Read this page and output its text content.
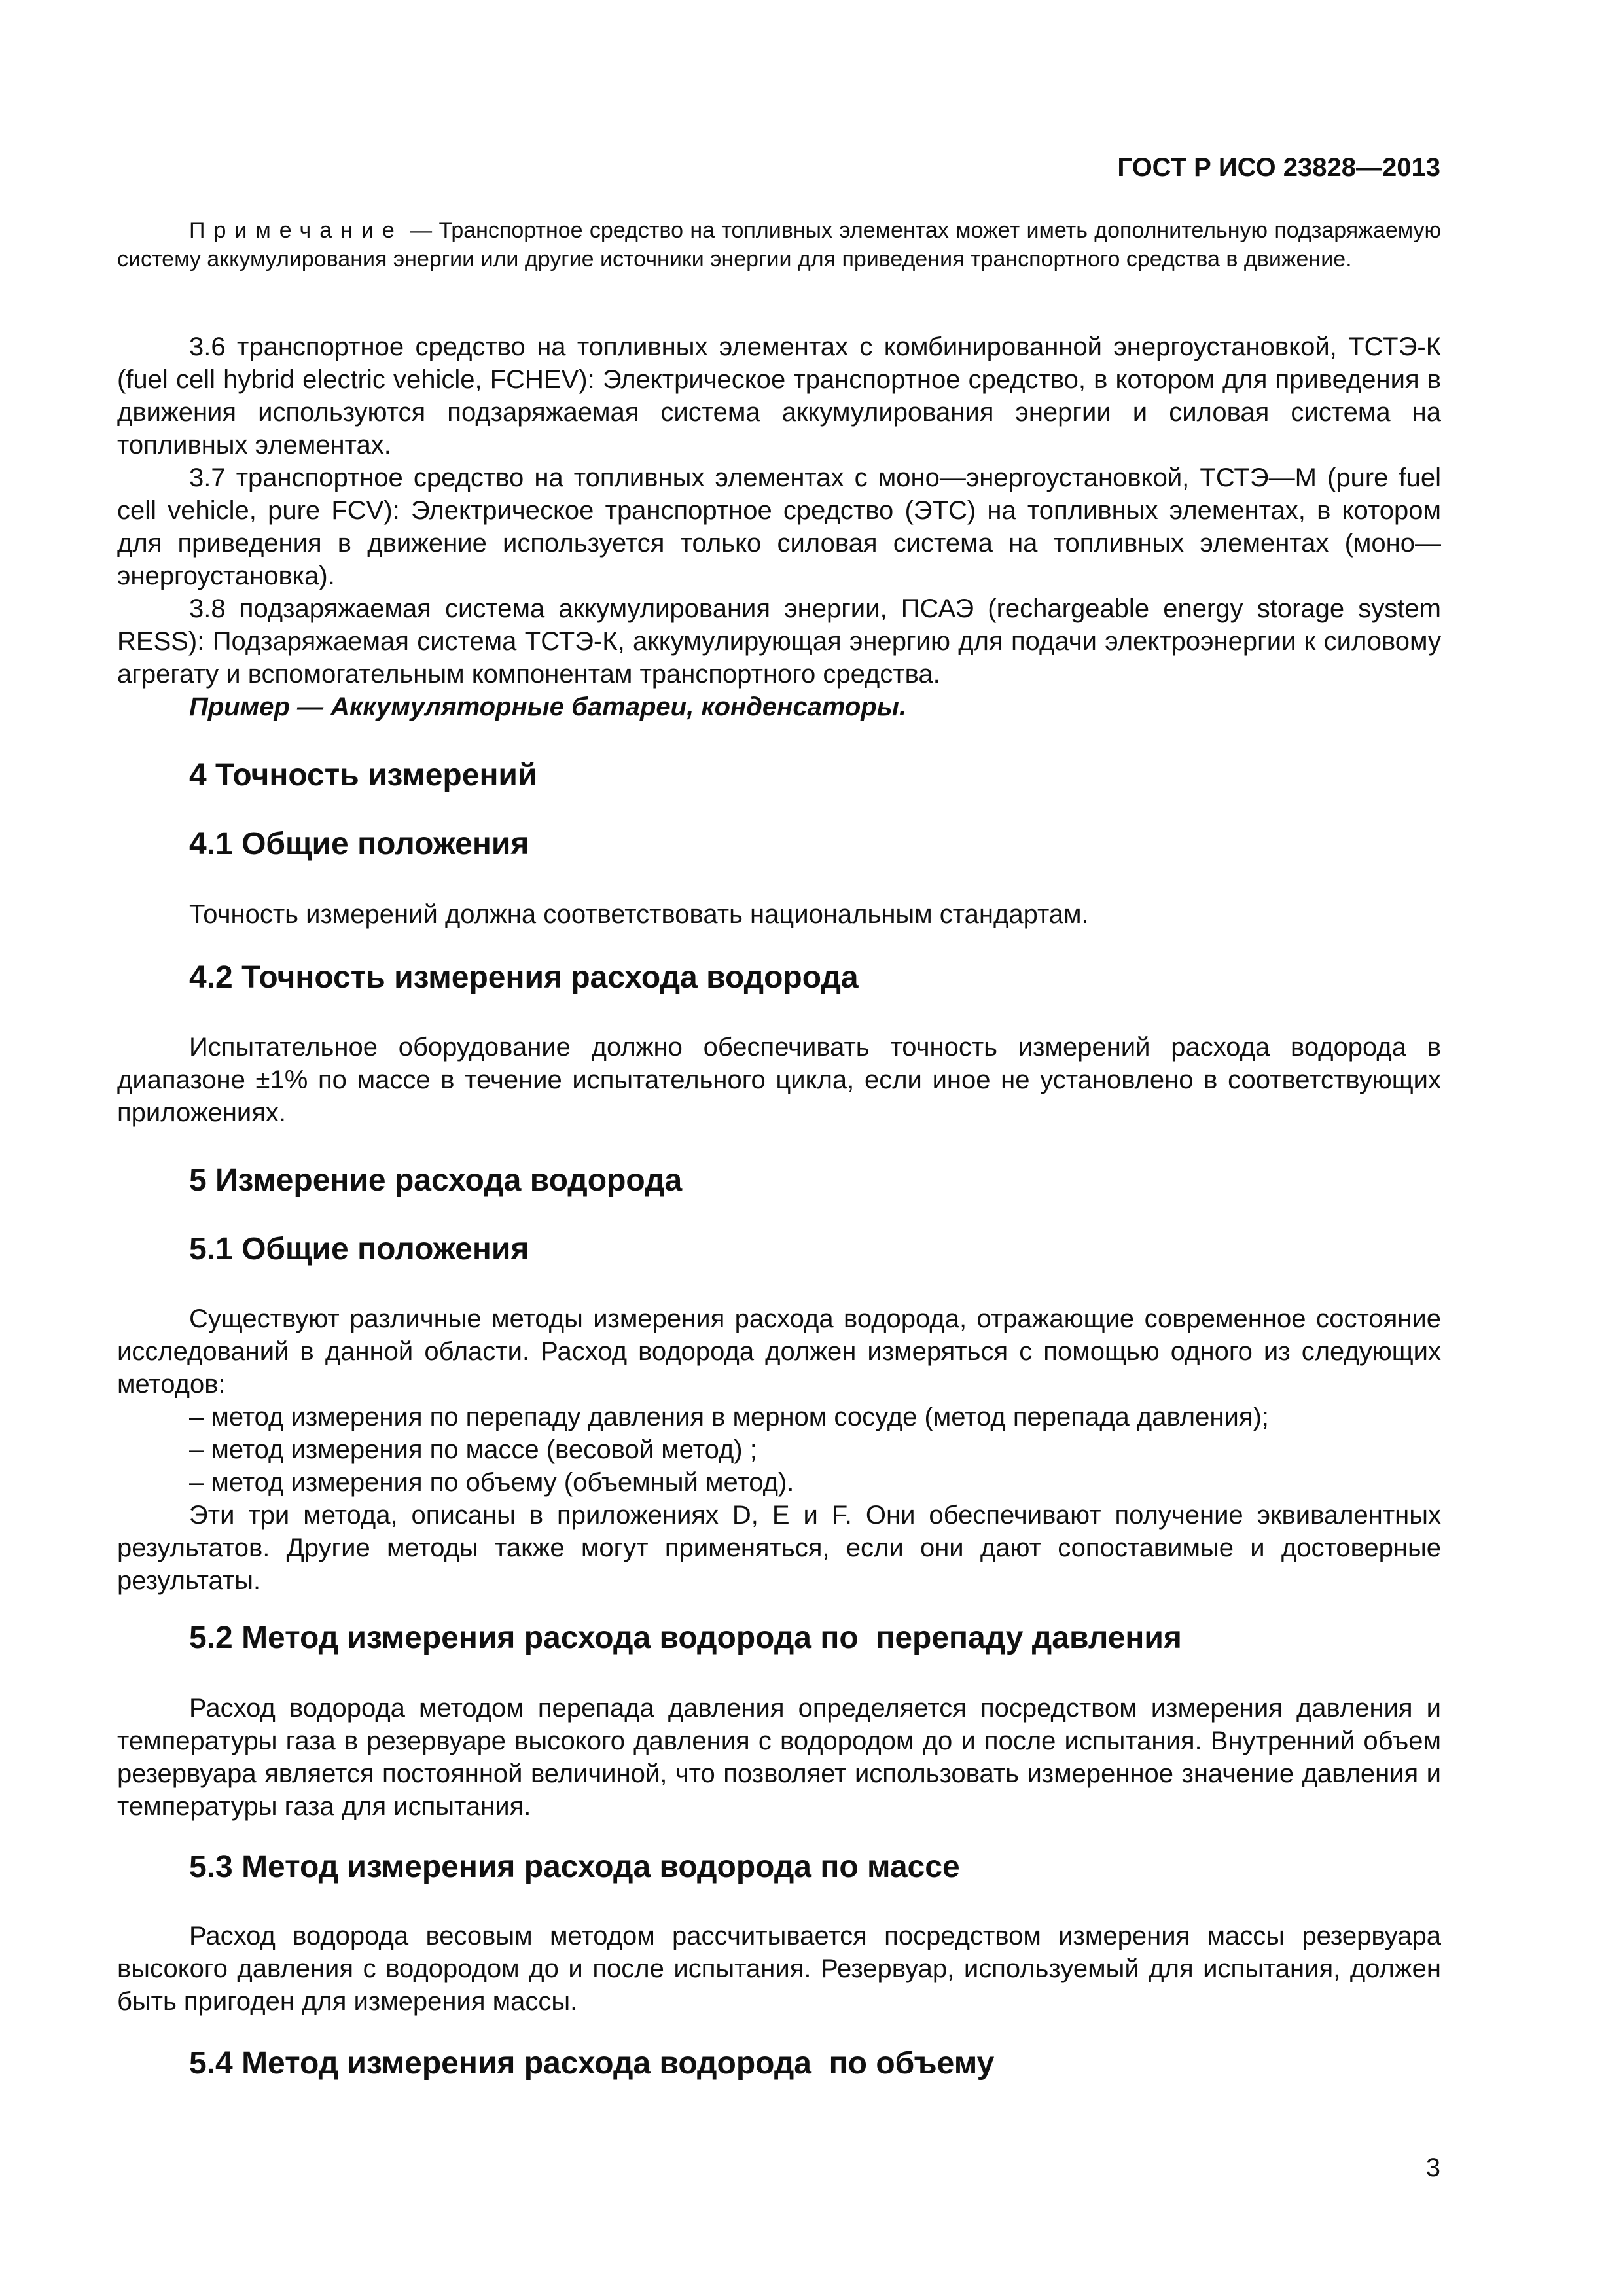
ГОСТ Р ИСО 23828—2013
Примечание — Транспортное средство на топливных элементах может иметь дополнительную подзаряжаемую систему аккумулирования энергии или другие источники энергии для приведения транспортного средства в движение.

3.6 транспортное средство на топливных элементах с комбинированной энергоустановкой, ТСТЭ-К (fuel cell hybrid electric vehicle, FCHEV): Электрическое транспортное средство, в котором для приведения в движения используются подзаряжаемая система аккумулирования энергии и силовая система на топливных элементах.

3.7 транспортное средство на топливных элементах с моно—энергоустановкой, ТСТЭ—М (pure fuel cell vehicle, pure FCV): Электрическое транспортное средство (ЭТС) на топливных элементах, в котором для приведения в движение используется только силовая система на топливных элементах (моно— энергоустановка).

3.8 подзаряжаемая система аккумулирования энергии, ПСАЭ (rechargeable energy storage system RESS): Подзаряжаемая система ТСТЭ-К, аккумулирующая энергию для подачи электроэнергии к силовому агрегату и вспомогательным компонентам транспортного средства.

Пример — Аккумуляторные батареи, конденсаторы.
4 Точность измерений
4.1 Общие положения

Точность измерений должна соответствовать национальным стандартам.

4.2 Точность измерения расхода водорода

Испытательное оборудование должно обеспечивать точность измерений расхода водорода в диапазоне ±1% по массе в течение испытательного цикла, если иное не установлено в соответствующих приложениях.

5 Измерение расхода водорода
5.1 Общие положения

Существуют различные методы измерения расхода водорода, отражающие современное состояние исследований в данной области. Расход водорода должен измеряться с помощью одного из следующих методов:

– метод измерения по перепаду давления в мерном сосуде (метод перепада давления);

– метод измерения по массе (весовой метод) ;

– метод измерения по объему (объемный метод).

Эти три метода, описаны в приложениях D, E и F. Они обеспечивают получение эквивалентных результатов. Другие методы также могут применяться, если они дают сопоставимые и достоверные результаты.

5.2 Метод измерения расхода водорода по  перепаду давления

Расход водорода методом перепада давления определяется посредством измерения давления и температуры газа в резервуаре высокого давления с водородом до и после испытания. Внутренний объем резервуара является постоянной величиной, что позволяет использовать измеренное значение давления и температуры газа для испытания.

5.3 Метод измерения расхода водорода по массе

Расход водорода весовым методом рассчитывается посредством измерения массы резервуара высокого давления с водородом до и после испытания. Резервуар, используемый для испытания, должен быть пригоден для измерения массы.

5.4 Метод измерения расхода водорода  по объему
3
